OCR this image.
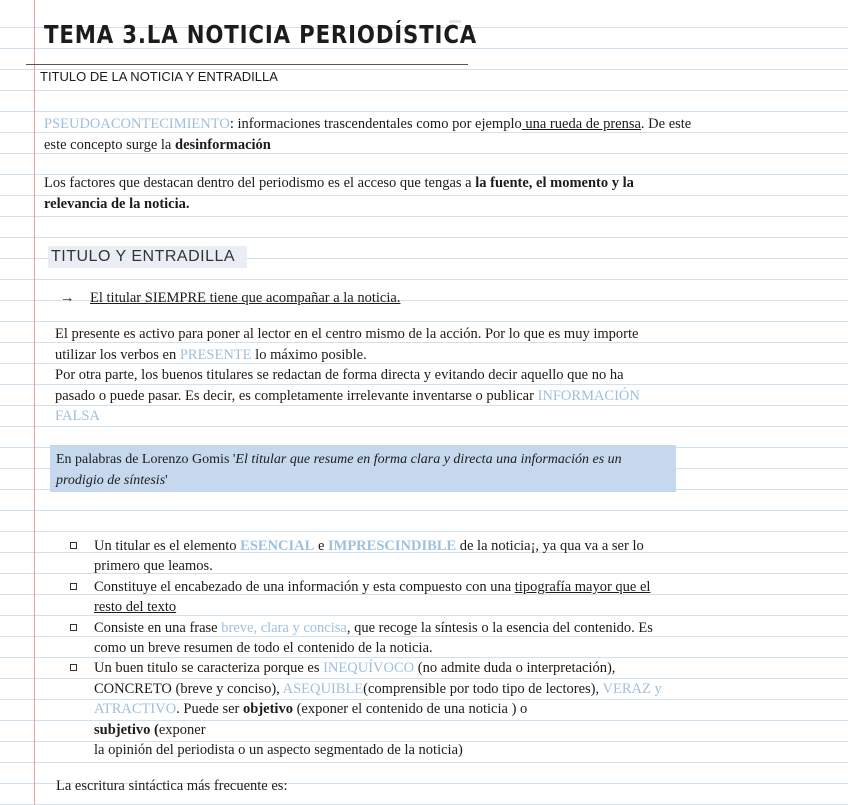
TEMA 3.LA NOTICIA PERIODÍSTICA
TITULO DE LA NOTICIA Y ENTRADILLA
PSEUDOACONTECIMIENTO: informaciones trascendentales como por ejemplo una rueda de prensa. De este este concepto surge la desinformación
Los factores que destacan dentro del periodismo es el acceso que tengas a la fuente, el momento y la relevancia de la noticia.
TITULO Y ENTRADILLA
→ El titular SIEMPRE tiene que acompañar a la noticia.
El presente es activo para poner al lector en el centro mismo de la acción. Por lo que es muy importe utilizar los verbos en PRESENTE lo máximo posible.
Por otra parte, los buenos titulares se redactan de forma directa y evitando decir aquello que no ha pasado o puede pasar. Es decir, es completamente irrelevante inventarse o publicar INFORMACIÓN FALSA
En palabras de Lorenzo Gomis 'El titular que resume en forma clara y directa una información es un prodigio de síntesis'
Un titular es el elemento ESENCIAL e IMPRESCINDIBLE de la noticia¡, ya qua va a ser lo primero que leamos.
Constituye el encabezado de una información y esta compuesto con una tipografía mayor que el resto del texto
Consiste en una frase breve, clara y concisa, que recoge la síntesis o la esencia del contenido. Es como un breve resumen de todo el contenido de la noticia.
Un buen titulo se caracteriza porque es INEQUÍVOCO (no admite duda o interpretación), CONCRETO (breve y conciso), ASEQUIBLE(comprensible por todo tipo de lectores), VERAZ y ATRACTIVO. Puede ser objetivo (exponer el contenido de una noticia ) o
subjetivo (exponer
la opinión del periodista o un aspecto segmentado de la noticia)
La escritura sintáctica más frecuente es:
